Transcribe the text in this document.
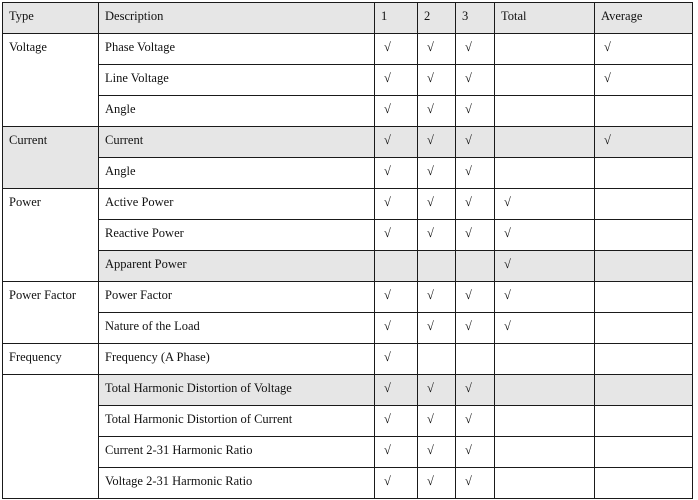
Type	Description	1	2	3	Total	Average

Voltage	Phase Voltage	√	√	√		√

	Line Voltage	√	√	√		√

	Angle	√	√	√		

Current	Current	√	√	√		√

	Angle	√	√	√		

Power	Active Power	√	√	√	√	

	Reactive Power	√	√	√	√	

	Apparent Power				√	

Power Factor	Power Factor	√	√	√	√	

	Nature of the Load	√	√	√	√	

Frequency	Frequency (A Phase)	√				

	Total Harmonic Distortion of Voltage	√	√	√		

	Total Harmonic Distortion of Current	√	√	√		

	Current 2-31 Harmonic Ratio	√	√	√		

	Voltage 2-31 Harmonic Ratio	√	√	√		
